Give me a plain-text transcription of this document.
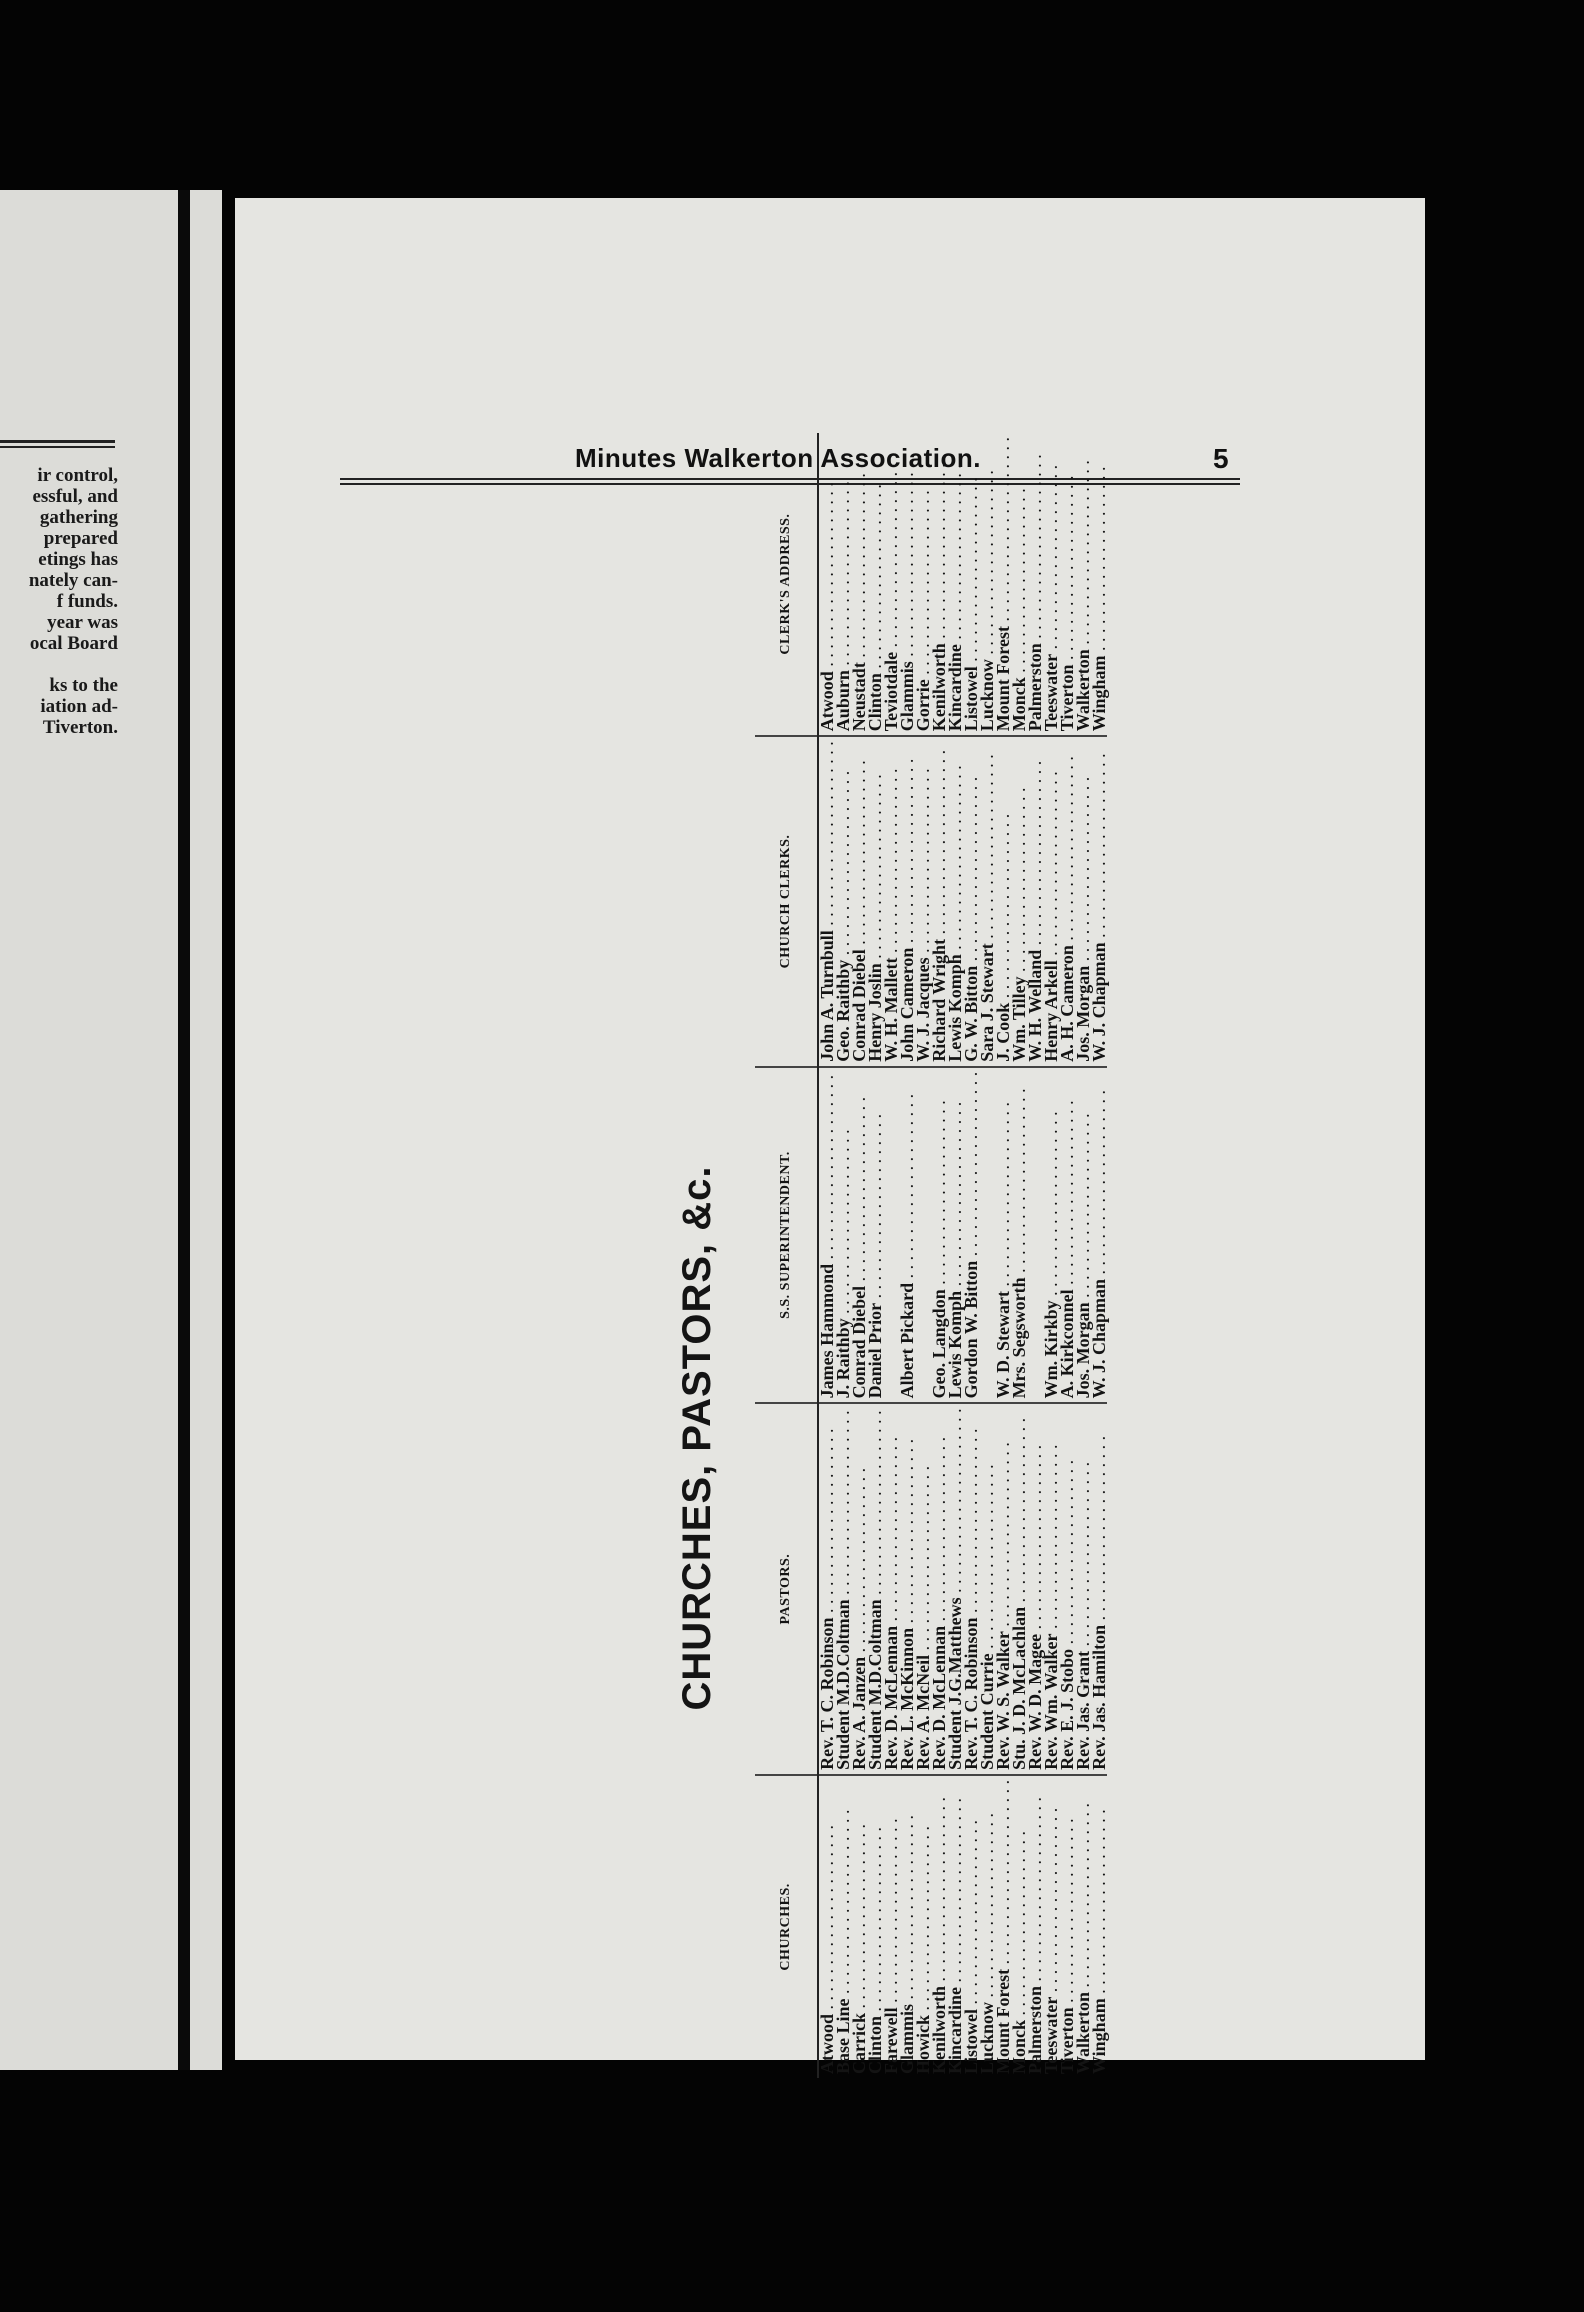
ir control,
essful, and
gathering
prepared
etings has
nately can-
f funds.
year was
ocal Board
ks to the
iation ad-
Tiverton.
Minutes Walkerton Association.	5
CHURCHES, PASTORS, &c.
CHURCHES.	PASTORS.	S.S. SUPERINTENDENT.	CHURCH CLERKS.	CLERK'S ADDRESS.
Atwood . . .	Rev. T. C. Robinson . . .	James Hammond . . .	John A. Turnbull . . .	Atwood . . .
Base Line . . .	Student M.D.Coltman . . .	J. Raithby . . .	Geo. Raithby . . .	Auburn . . .
Carrick . . .	Rev. A. Janzen . . .	Conrad Diebel . . .	Conrad Diebel . . .	Neustadt . . .
Clinton . . .	Student M.D.Coltman . . .	Daniel Prior . . .	Henry Joslin . . .	Clinton . . .
Farewell . . .	Rev. D. McLennan . . .		W. H. Mallett . . .	Teviotdale . . .
Glammis . . .	Rev. L. McKinnon . . .	Albert Pickard . . .	John Cameron . . .	Glammis . . .
Howick . . .	Rev. A. McNeil . . .		W. J. Jacques . . .	Gorrie . . .
Kenilworth . . .	Rev. D. McLennan . . .	Geo. Langdon . . .	Richard Wright . . .	Kenilworth . . .
Kincardine . . .	Student J.G.Matthews . . .	Lewis Komph . . .	Lewis Komph . . .	Kincardine . . .
Listowel . . .	Rev. T. C. Robinson . . .	Gordon W. Bitton . . .	G. W. Bitton . . .	Listowel . . .
Lucknow . . .	Student Currie . . .		Sara J. Stewart . . .	Lucknow . . .
Mount Forest . . .	Rev. W. S. Walker . . .	W. D. Stewart . . .	J. Cook . . .	Mount Forest . . .
Monck . . .	Stu. J. D. McLachlan . . .	Mrs. Segsworth . . .	Wm. Tilley . . .	Monck . . .
Palmerston . . .	Rev. W. D. Magee . . .		W. H. Welland . . .	Palmerston . . .
Teeswater . . .	Rev. Wm. Walker . . .	Wm. Kirkby . . .	Henry Arkell . . .	Teeswater . . .
Tiverton . . .	Rev. E. J. Stobo . . .	A. Kirkconnel . . .	A. H. Cameron . . .	Tiverton . . .
Walkerton . . .	Rev. Jas. Grant . . .	Jos. Morgan . . .	Jos. Morgan . . .	Walkerton . . .
Wingham . . .	Rev. Jas. Hamilton . . .	W. J. Chapman . . .	W. J. Chapman . . .	Wingham . . .
